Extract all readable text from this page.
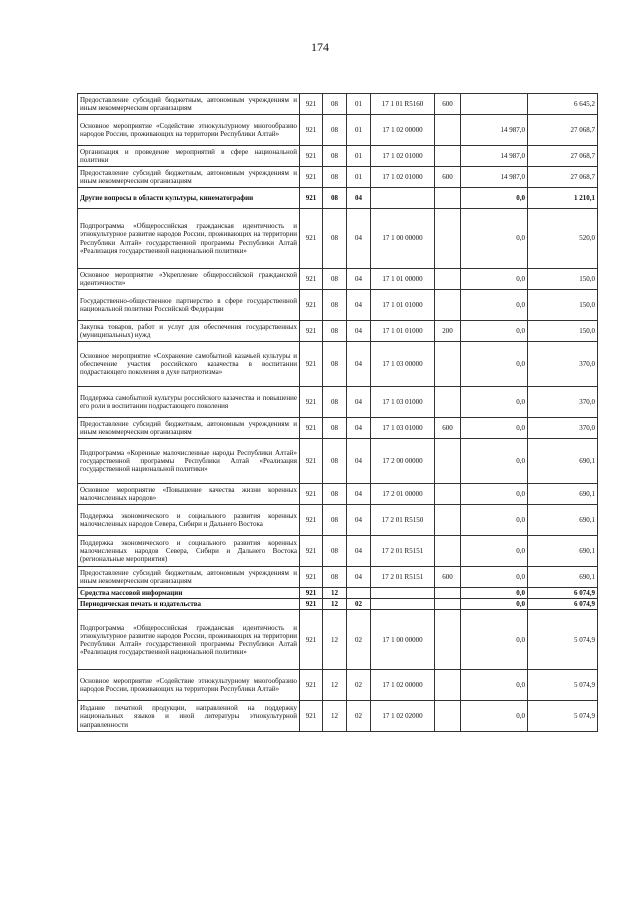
174
Предоставление субсидий бюджетным, автономным учреждениям и иным некоммерческим организациям	921	08	01	17 1 01 R5160	600		6 645,2
Основное мероприятие «Содействие этнокультурному многообразию народов России, проживающих на территории Республики Алтай»	921	08	01	17 1 02 00000		14 987,0	27 068,7
Организация и проведение мероприятий в сфере национальной политики	921	08	01	17 1 02 01000		14 987,0	27 068,7
Предоставление субсидий бюджетным, автономным учреждениям и иным некоммерческим организациям	921	08	01	17 1 02 01000	600	14 987,0	27 068,7
Другие вопросы в области культуры, кинематографии	921	08	04			0,0	1 210,1
Подпрограмма «Общероссийская гражданская идентичность и этнокультурное развитие народов России, проживающих на территории Республики Алтай» государственной программы Республики Алтай «Реализация государственной национальной политики»	921	08	04	17 1 00 00000		0,0	520,0
Основное мероприятие «Укрепление общероссийской гражданской идентичности»	921	08	04	17 1 01 00000		0,0	150,0
Государственно-общественное партнерство в сфере государственной национальной политики Российской Федерации	921	08	04	17 1 01 01000		0,0	150,0
Закупка товаров, работ и услуг для обеспечения государственных (муниципальных) нужд	921	08	04	17 1 01 01000	200	0,0	150,0
Основное мероприятие «Сохранение самобытной казачьей культуры и обеспечение участия российского казачества в воспитании подрастающего поколения в духе патриотизма»	921	08	04	17 1 03 00000		0,0	370,0
Поддержка самобытной культуры российского казачества и повышение его роли в воспитании подрастающего поколения	921	08	04	17 1 03 01000		0,0	370,0
Предоставление субсидий бюджетным, автономным учреждениям и иным некоммерческим организациям	921	08	04	17 1 03 01000	600	0,0	370,0
Подпрограмма «Коренные малочисленные народы Республики Алтай» государственной программы Республики Алтай «Реализация государственной национальной политики»	921	08	04	17 2 00 00000		0,0	690,1
Основное мероприятие «Повышение качества жизни коренных малочисленных народов»	921	08	04	17 2 01 00000		0,0	690,1
Поддержка экономического и социального развития коренных малочисленных народов Севера, Сибири и Дальнего Востока	921	08	04	17 2 01 R5150		0,0	690,1
Поддержка экономического и социального развития коренных малочисленных народов Севера, Сибири и Дальнего Востока (региональные мероприятия)	921	08	04	17 2 01 R5151		0,0	690,1
Предоставление субсидий бюджетным, автономным учреждениям и иным некоммерческим организациям	921	08	04	17 2 01 R5151	600	0,0	690,1
Средства массовой информации	921	12				0,0	6 074,9
Периодическая печать и издательства	921	12	02			0,0	6 074,9
Подпрограмма «Общероссийская гражданская идентичность и этнокультурное развитие народов России, проживающих на территории Республики Алтай» государственной программы Республики Алтай «Реализация государственной национальной политики»	921	12	02	17 1 00 00000		0,0	5 074,9
Основное мероприятие «Содействие этнокультурному многообразию народов России, проживающих на территории Республики Алтай»	921	12	02	17 1 02 00000		0,0	5 074,9
Издание печатной продукции, направленной на поддержку национальных языков и иной литературы этнокультурной направленности	921	12	02	17 1 02 02000		0,0	5 074,9
